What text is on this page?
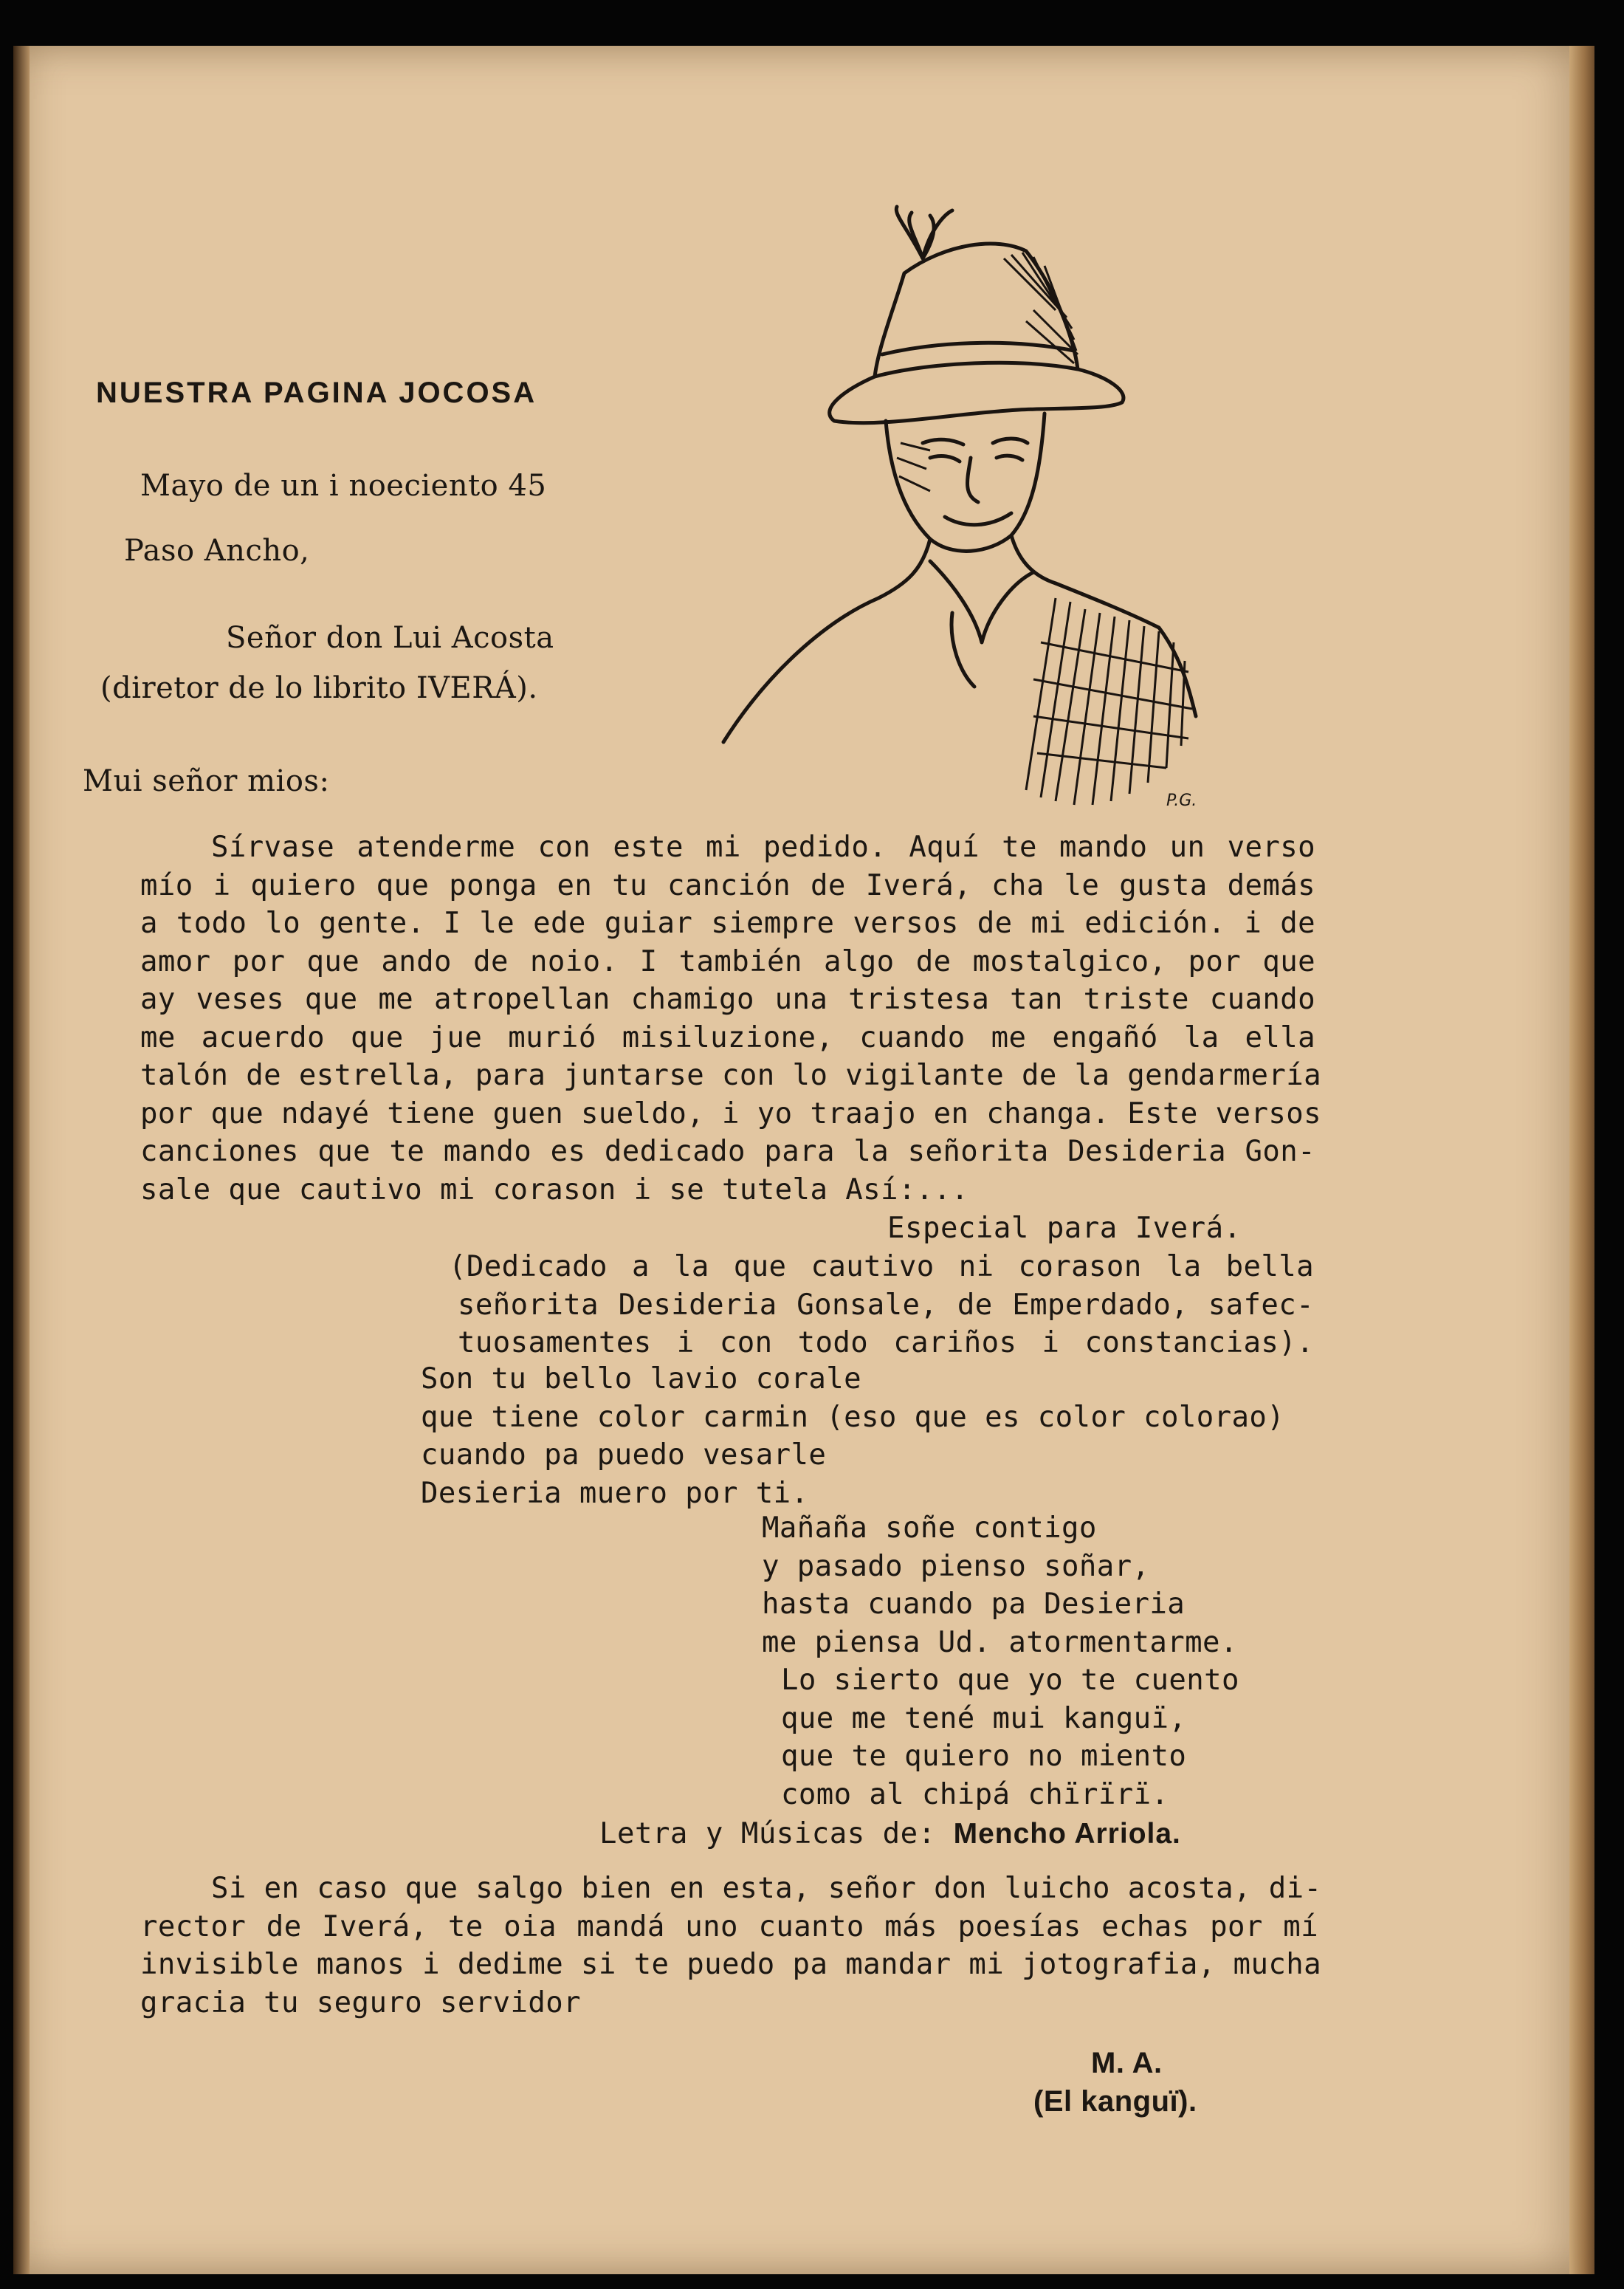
P.G.
NUESTRA PAGINA JOCOSA

Mayo de un i noeciento 45

Paso Ancho,

Señor don Lui Acosta

(diretor de lo librito IVERÁ).

Mui señor mios:

Sírvase atenderme con este mi pedido. Aquí te mando un verso

mío i quiero que ponga en tu canción de Iverá, cha le gusta demás

a todo lo gente. I le ede guiar siempre versos de mi edición. i de

amor por que ando de noio. I también algo de mostalgico, por que

ay veses que me atropellan chamigo una tristesa tan triste cuando

me acuerdo que jue murió misiluzione, cuando me engañó la ella

talón de estrella, para juntarse con lo vigilante de la gendarmería

por que ndayé tiene guen sueldo, i yo traajo en changa. Este versos

canciones que te mando es dedicado para la señorita Desideria Gon-

sale que cautivo mi corason i se tutela Así:...

Especial para Iverá.

(Dedicado a la que cautivo ni corason la bella

señorita Desideria Gonsale, de Emperdado, safec-

tuosamentes i con todo cariños i constancias).

Son tu bello lavio corale

que tiene color carmin (eso que es color colorao)

cuando pa puedo vesarle

Desieria muero por ti.

Mañaña soñe contigo

y pasado pienso soñar,

hasta cuando pa Desieria

me piensa Ud. atormentarme.

Lo sierto que yo te cuento

que me tené mui kanguï,

que te quiero no miento

como al chipá chïrïrï.

Letra y Músicas de: Mencho Arriola.

Si en caso que salgo bien en esta, señor don luicho acosta, di-

rector de Iverá, te oia mandá uno cuanto más poesías echas por mí

invisible manos i dedime si te puedo pa mandar mi jotografia, mucha

gracia tu seguro servidor

M. A.

(El kanguï).
